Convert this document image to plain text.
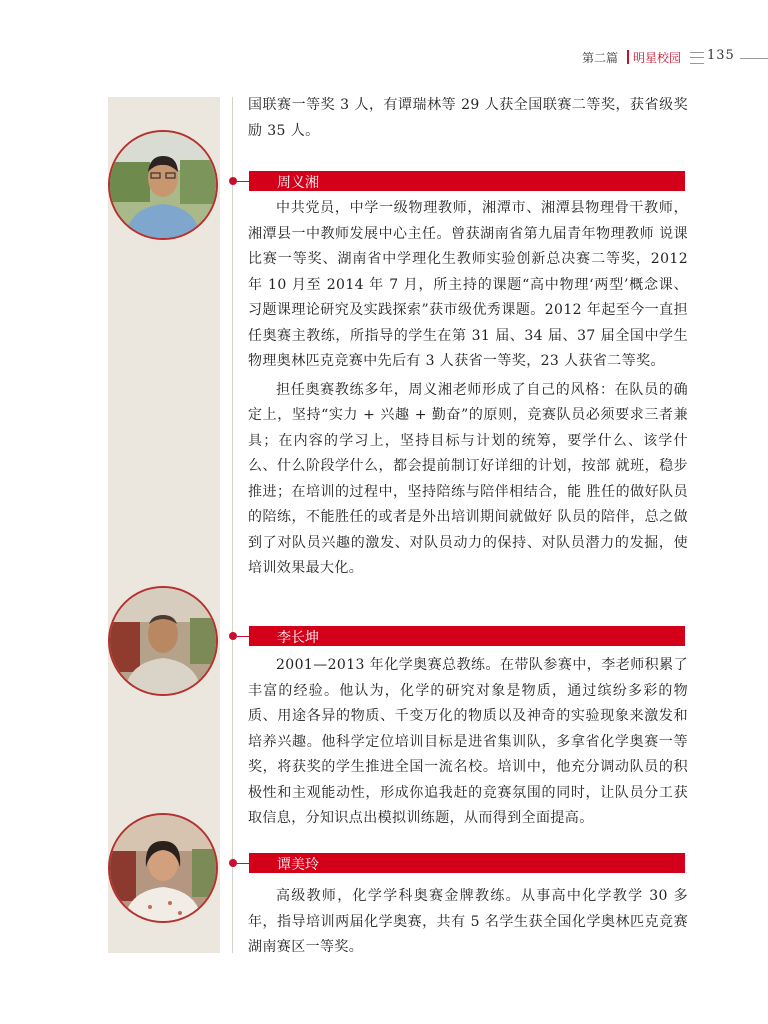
第二篇 明星校园 135

国联赛一等奖 3 人，有谭瑞林等 29 人获全国联赛二等奖，获省级奖励 35 人。

周义湘

中共党员，中学一级物理教师，湘潭市、湘潭县物理骨干教师，湘潭县一中教师发展中心主任。曾获湖南省第九届青年物理教师 说课比赛一等奖、湖南省中学理化生教师实验创新总决赛二等奖，2012 年 10 月至 2014 年 7 月，所主持的课题“高中物理‘两型’概念课、习题课理论研究及实践探索”获市级优秀课题。2012 年起至今一直担任奥赛主教练，所指导的学生在第 31 届、34 届、37 届全国中学生物理奥林匹克竞赛中先后有 3 人获省一等奖，23 人获省二等奖。

担任奥赛教练多年，周义湘老师形成了自己的风格：在队员的确定上，坚持“实力 + 兴趣 + 勤奋”的原则，竞赛队员必须要求三者兼具；在内容的学习上，坚持目标与计划的统筹，要学什么、该学什么、什么阶段学什么，都会提前制订好详细的计划，按部 就班，稳步推进；在培训的过程中，坚持陪练与陪伴相结合，能 胜任的做好队员的陪练，不能胜任的或者是外出培训期间就做好 队员的陪伴，总之做到了对队员兴趣的激发、对队员动力的保持、对队员潜力的发掘，使培训效果最大化。

李长坤

2001—2013 年化学奥赛总教练。在带队参赛中，李老师积累了丰富的经验。他认为，化学的研究对象是物质，通过缤纷多彩的物质、用途各异的物质、千变万化的物质以及神奇的实验现象来激发和培养兴趣。他科学定位培训目标是进省集训队，多拿省化学奥赛一等奖，将获奖的学生推进全国一流名校。培训中，他充分调动队员的积极性和主观能动性，形成你追我赶的竞赛氛围的同时，让队员分工获取信息，分知识点出模拟训练题，从而得到全面提高。

谭美玲

高级教师，化学学科奥赛金牌教练。从事高中化学教学 30 多年，指导培训两届化学奥赛，共有 5 名学生获全国化学奥林匹克竞赛湖南赛区一等奖。
